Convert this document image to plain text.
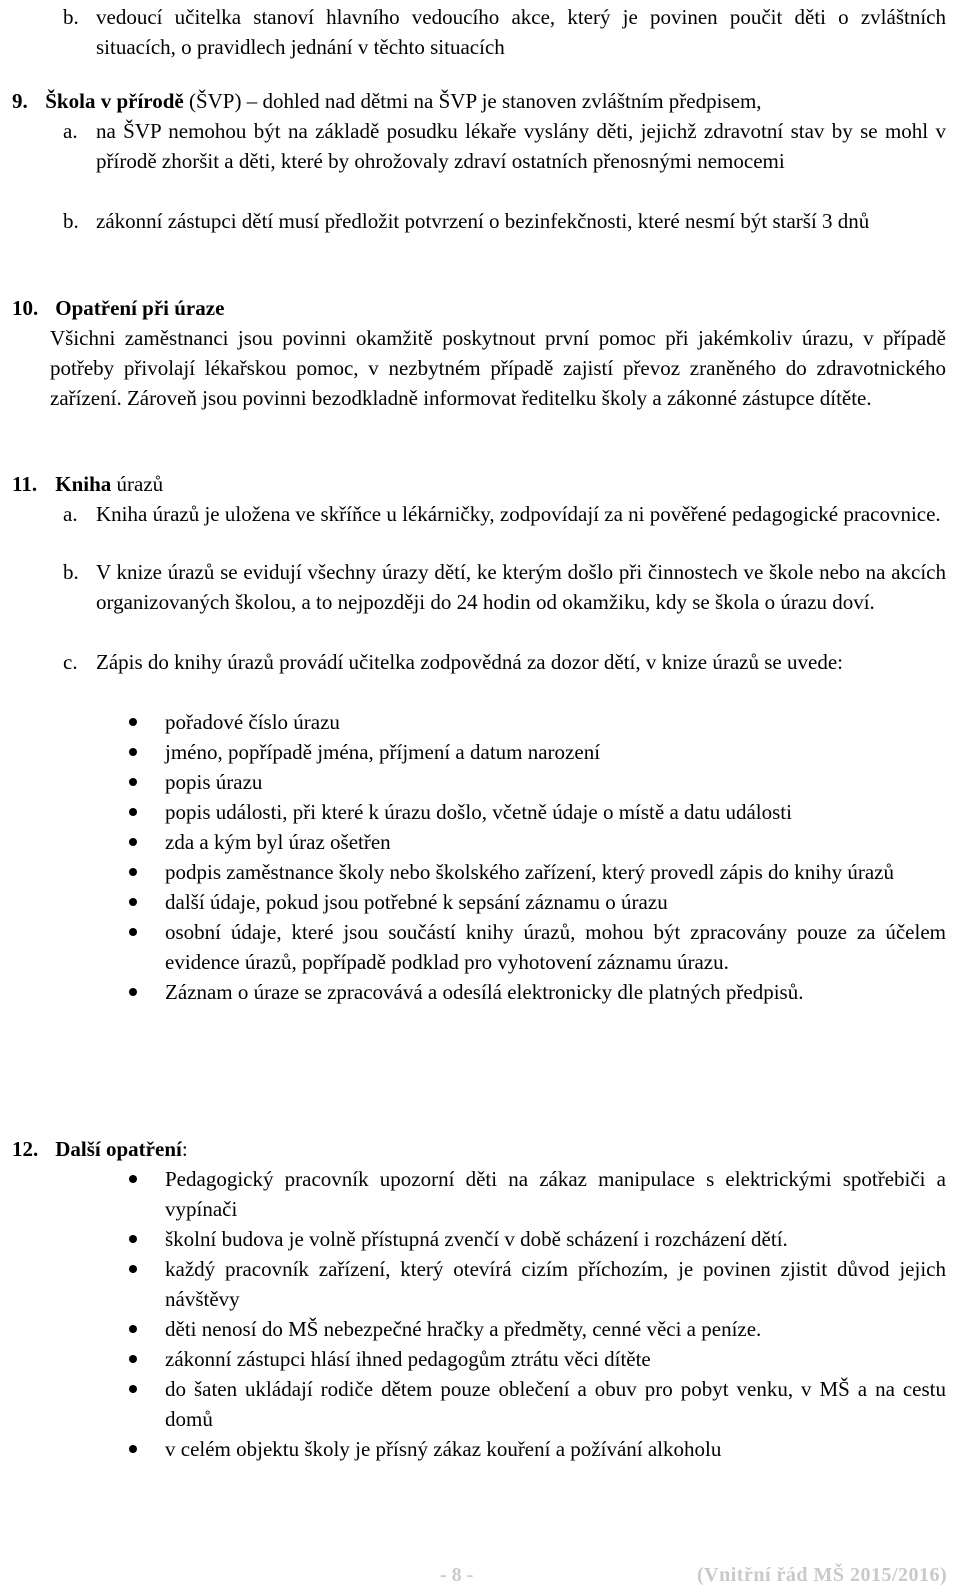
b. vedoucí učitelka stanoví hlavního vedoucího akce, který je povinen poučit děti o zvláštních situacích, o pravidlech jednání v těchto situacích
9. Škola v přírodě (ŠVP) – dohled nad dětmi na ŠVP je stanoven zvláštním předpisem,
a. na ŠVP nemohou být na základě posudku lékaře vyslány děti, jejichž zdravotní stav by se mohl v přírodě zhoršit a děti, které by ohrožovaly zdraví ostatních přenosnými nemocemi
b. zákonní zástupci dětí musí předložit potvrzení o bezinfekčnosti, které nesmí být starší 3 dnů
10. Opatření při úraze
Všichni zaměstnanci jsou povinni okamžitě poskytnout první pomoc při jakémkoliv úrazu, v případě potřeby přivolají lékařskou pomoc, v nezbytném případě zajistí převoz zraněného do zdravotnického zařízení. Zároveň jsou povinni bezodkladně informovat ředitelku školy a zákonné zástupce dítěte.
11. Kniha úrazů
a. Kniha úrazů je uložena ve skříňce u lékárničky, zodpovídají za ni pověřené pedagogické pracovnice.
b. V knize úrazů se evidují všechny úrazy dětí, ke kterým došlo při činnostech ve škole nebo na akcích organizovaných školou, a to nejpozději do 24 hodin od okamžiku, kdy se škola o úrazu doví.
c. Zápis do knihy úrazů provádí učitelka zodpovědná za dozor dětí, v knize úrazů se uvede:
pořadové číslo úrazu
jméno, popřípadě jména, příjmení a datum narození
popis úrazu
popis události, při které k úrazu došlo, včetně údaje o místě a datu události
zda a kým byl úraz ošetřen
podpis zaměstnance školy nebo školského zařízení, který provedl zápis do knihy úrazů
další údaje, pokud jsou potřebné k sepsání záznamu o úrazu
osobní údaje, které jsou součástí knihy úrazů, mohou být zpracovány pouze za účelem evidence úrazů, popřípadě podklad pro vyhotovení záznamu úrazu.
Záznam o úraze se zpracovává a odesílá elektronicky dle platných předpisů.
12. Další opatření:
Pedagogický pracovník upozorní děti na zákaz manipulace s elektrickými spotřebiči a vypínači
školní budova je volně přístupná zvenčí v době scházení i rozcházení dětí.
každý pracovník zařízení, který otevírá cizím příchozím, je povinen zjistit důvod jejich návštěvy
děti nenosí do MŠ nebezpečné hračky a předměty, cenné věci a peníze.
zákonní zástupci hlásí ihned pedagogům ztrátu věci dítěte
do šaten ukládají rodiče dětem pouze oblečení a obuv pro pobyt venku, v MŠ a na cestu domů
v celém objektu školy je přísný zákaz kouření a požívání alkoholu
- 8 -	(Vnitřní řád MŠ 2015/2016)
